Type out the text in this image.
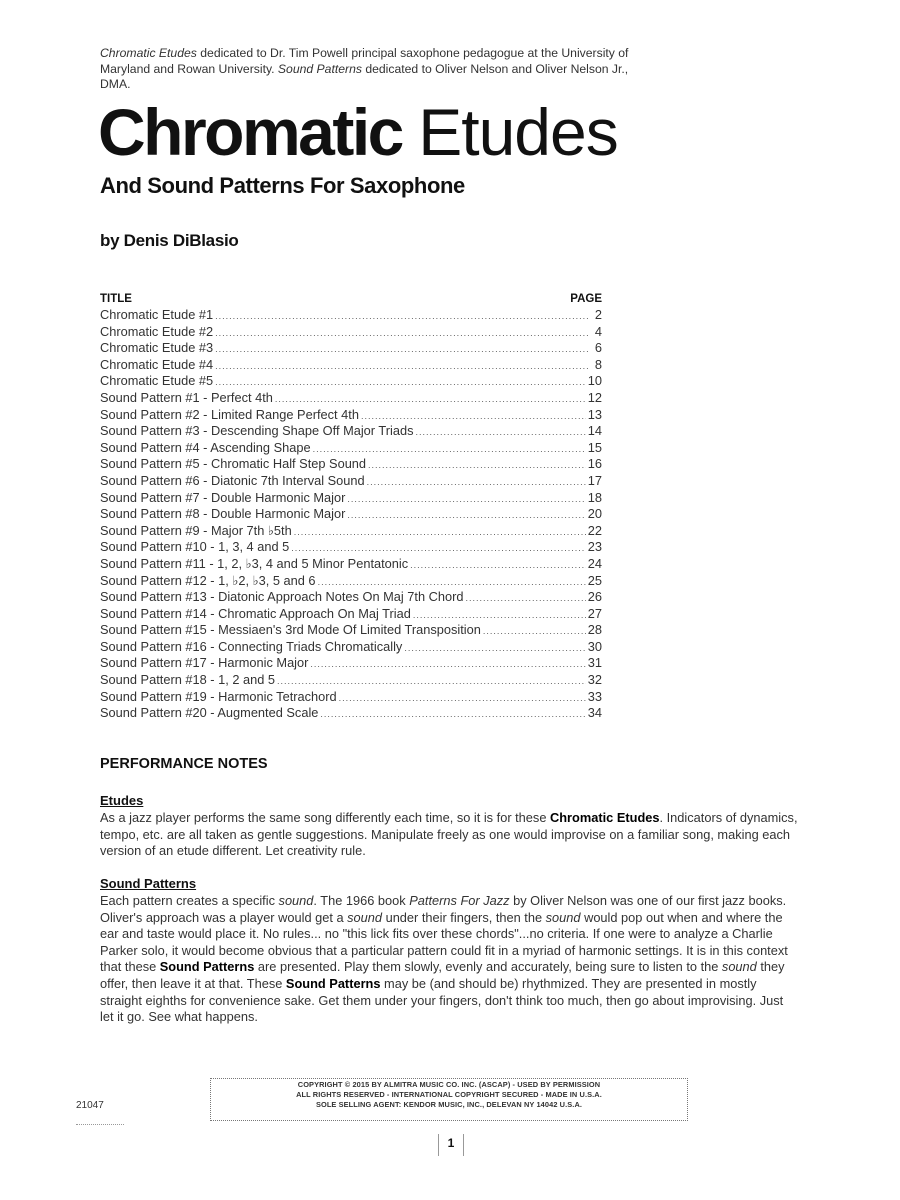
Chromatic Etudes dedicated to Dr. Tim Powell principal saxophone pedagogue at the University of Maryland and Rowan University. Sound Patterns dedicated to Oliver Nelson and Oliver Nelson Jr., DMA.
Chromatic Etudes
And Sound Patterns For Saxophone
by Denis DiBlasio
TITLE	PAGE
Chromatic Etude #1 .....	2
Chromatic Etude #2 .....	4
Chromatic Etude #3 .....	6
Chromatic Etude #4 .....	8
Chromatic Etude #5 .....	10
Sound Pattern #1 - Perfect 4th .....	12
Sound Pattern #2 - Limited Range Perfect 4th .....	13
Sound Pattern #3 - Descending Shape Off Major Triads .....	14
Sound Pattern #4 - Ascending Shape .....	15
Sound Pattern #5 - Chromatic Half Step Sound .....	16
Sound Pattern #6 - Diatonic 7th Interval Sound .....	17
Sound Pattern #7 - Double Harmonic Major .....	18
Sound Pattern #8 - Double Harmonic Major .....	20
Sound Pattern #9 - Major 7th ♭5th .....	22
Sound Pattern #10 - 1, 3, 4 and 5 .....	23
Sound Pattern #11 - 1, 2, ♭3, 4 and 5 Minor Pentatonic .....	24
Sound Pattern #12 - 1, ♭2, ♭3, 5 and 6 .....	25
Sound Pattern #13 - Diatonic Approach Notes On Maj 7th Chord .....	26
Sound Pattern #14 - Chromatic Approach On Maj Triad .....	27
Sound Pattern #15 - Messiaen's 3rd Mode Of Limited Transposition .....	28
Sound Pattern #16 - Connecting Triads Chromatically .....	30
Sound Pattern #17 - Harmonic Major .....	31
Sound Pattern #18 - 1, 2 and 5 .....	32
Sound Pattern #19 - Harmonic Tetrachord .....	33
Sound Pattern #20 - Augmented Scale .....	34
PERFORMANCE NOTES
Etudes
As a jazz player performs the same song differently each time, so it is for these Chromatic Etudes. Indicators of dynamics, tempo, etc. are all taken as gentle suggestions. Manipulate freely as one would improvise on a familiar song, making each version of an etude different. Let creativity rule.
Sound Patterns
Each pattern creates a specific sound. The 1966 book Patterns For Jazz by Oliver Nelson was one of our first jazz books. Oliver's approach was a player would get a sound under their fingers, then the sound would pop out when and where the ear and taste would place it. No rules... no "this lick fits over these chords"...no criteria. If one were to analyze a Charlie Parker solo, it would become obvious that a particular pattern could fit in a myriad of harmonic settings. It is in this context that these Sound Patterns are presented. Play them slowly, evenly and accurately, being sure to listen to the sound they offer, then leave it at that. These Sound Patterns may be (and should be) rhythmized. They are presented in mostly straight eighths for convenience sake. Get them under your fingers, don't think too much, then go about improvising. Just let it go. See what happens.
21047
COPYRIGHT © 2015 BY ALMITRA MUSIC CO. INC. (ASCAP) - USED BY PERMISSION
ALL RIGHTS RESERVED - INTERNATIONAL COPYRIGHT SECURED - MADE IN U.S.A.
SOLE SELLING AGENT: KENDOR MUSIC, INC., DELEVAN NY 14042 U.S.A.
1
